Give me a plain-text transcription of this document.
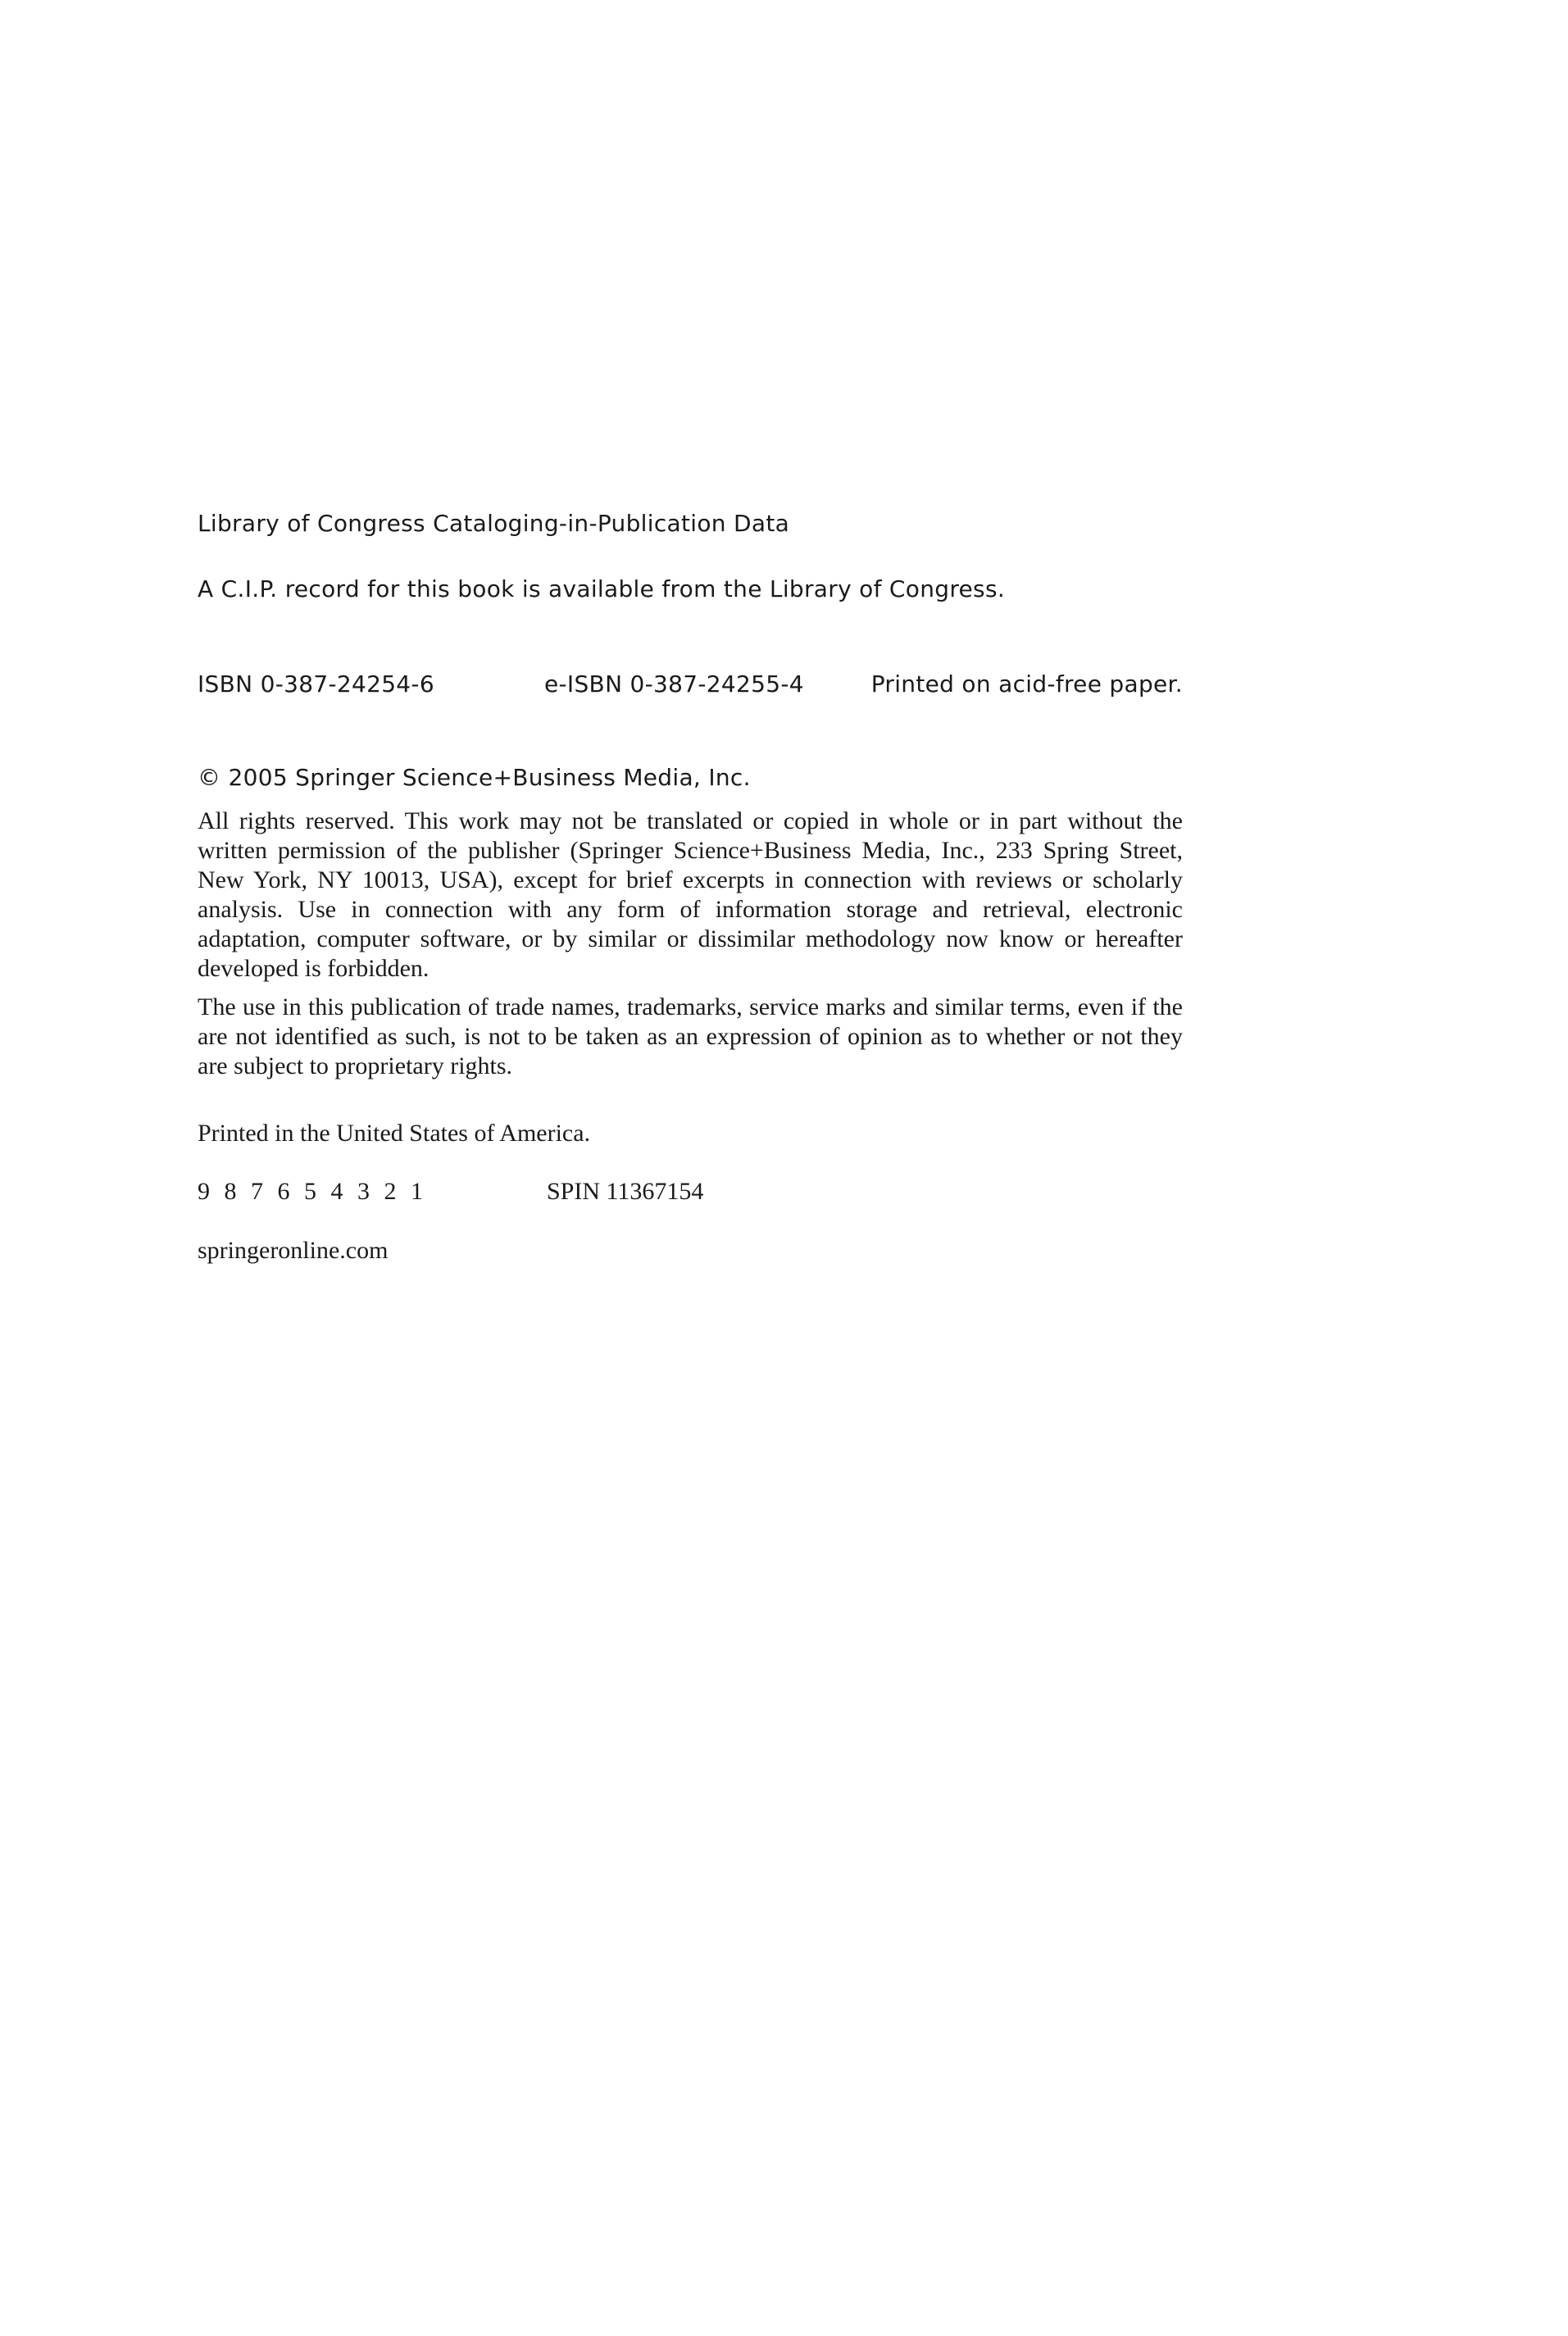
Library of Congress Cataloging-in-Publication Data
A C.I.P. record for this book is available from the Library of Congress.
ISBN 0-387-24254-6	e-ISBN 0-387-24255-4	Printed on acid-free paper.
© 2005 Springer Science+Business Media, Inc.
All rights reserved. This work may not be translated or copied in whole or in part without the written permission of the publisher (Springer Science+Business Media, Inc., 233 Spring Street, New York, NY 10013, USA), except for brief excerpts in connection with reviews or scholarly analysis. Use in connection with any form of information storage and retrieval, electronic adaptation, computer software, or by similar or dissimilar methodology now know or hereafter developed is forbidden.
The use in this publication of trade names, trademarks, service marks and similar terms, even if the are not identified as such, is not to be taken as an expression of opinion as to whether or not they are subject to proprietary rights.
Printed in the United States of America.
9 8 7 6 5 4 3 2 1	SPIN 11367154
springeronline.com
